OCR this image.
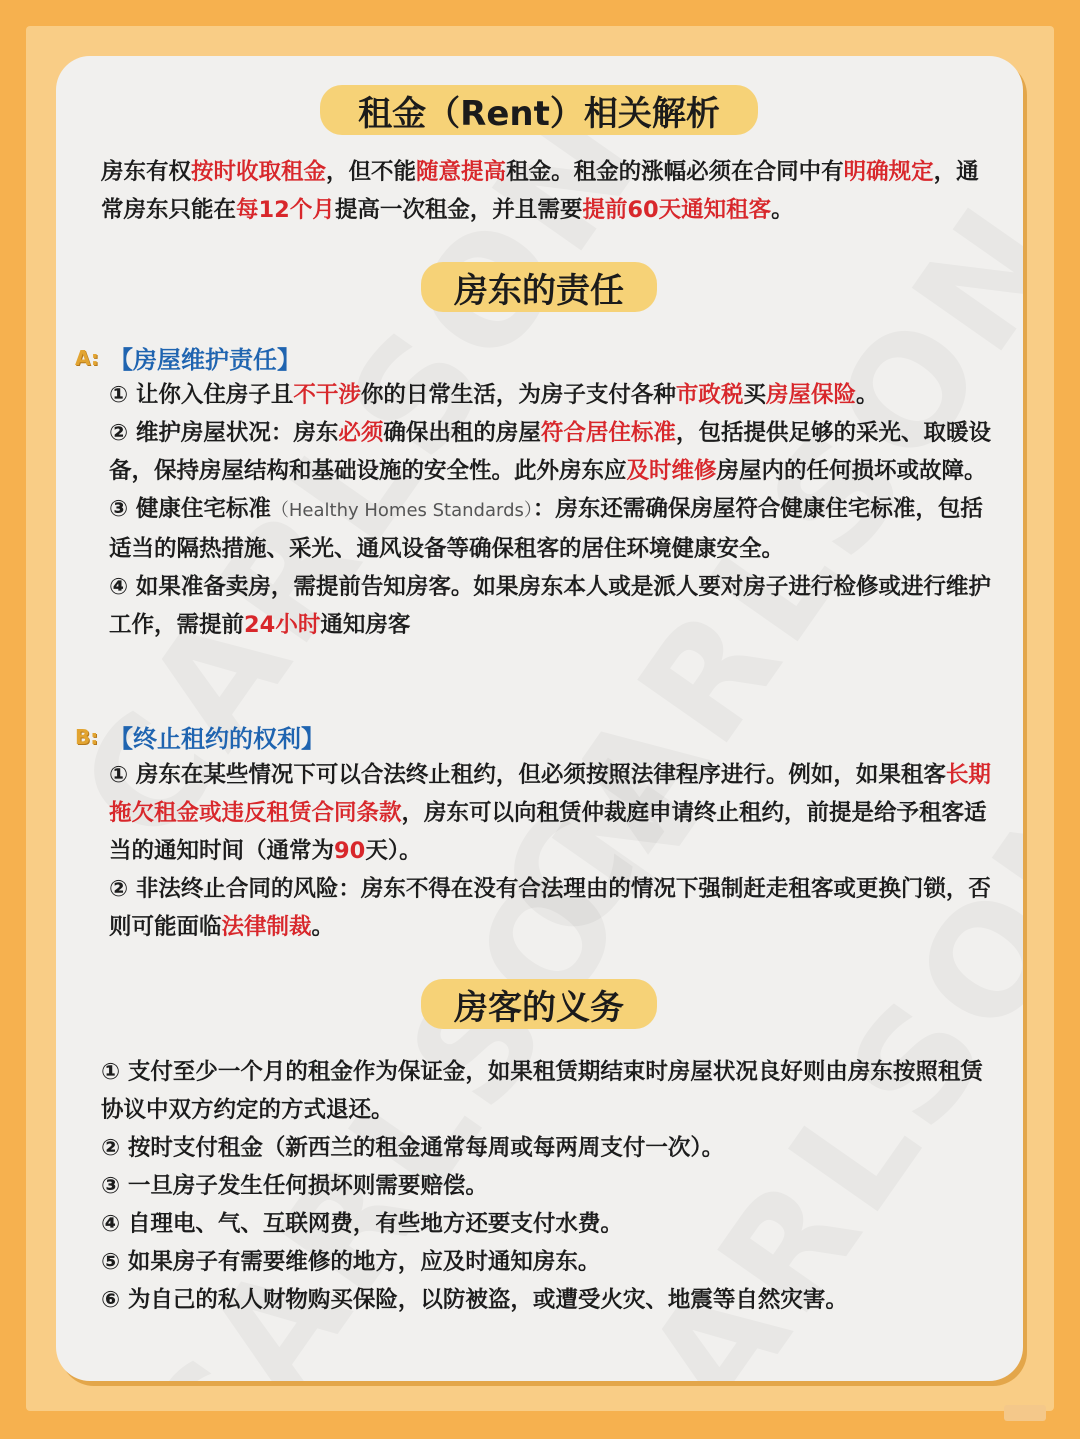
租金（Rent）相关解析

房东有权按时收取租金，但不能随意提高租金。租金的涨幅必须在合同中有明确规定，通常房东只能在每12个月提高一次租金，并且需要提前60天通知租客。

房东的责任
A: 【房屋维护责任】

① 让你入住房子且不干涉你的日常生活，为房子支付各种市政税买房屋保险。
② 维护房屋状况：房东必须确保出租的房屋符合居住标准，包括提供足够的采光、取暖设备，保持房屋结构和基础设施的安全性。此外房东应及时维修房屋内的任何损坏或故障。
③ 健康住宅标准（Healthy Homes Standards）：房东还需确保房屋符合健康住宅标准，包括适当的隔热措施、采光、通风设备等确保租客的居住环境健康安全。
④ 如果准备卖房，需提前告知房客。如果房东本人或是派人要对房子进行检修或进行维护工作，需提前24小时通知房客

B: 【终止租约的权利】

① 房东在某些情况下可以合法终止租约，但必须按照法律程序进行。例如，如果租客长期拖欠租金或违反租赁合同条款，房东可以向租赁仲裁庭申请终止租约，前提是给予租客适当的通知时间（通常为90天）。
② 非法终止合同的风险：房东不得在没有合法理由的情况下强制赶走租客或更换门锁，否则可能面临法律制裁。

房客的义务

① 支付至少一个月的租金作为保证金，如果租赁期结束时房屋状况良好则由房东按照租赁协议中双方约定的方式退还。
② 按时支付租金（新西兰的租金通常每周或每两周支付一次）。
③ 一旦房子发生任何损坏则需要赔偿。
④ 自理电、气、互联网费，有些地方还要支付水费。
⑤ 如果房子有需要维修的地方，应及时通知房东。
⑥ 为自己的私人财物购买保险，以防被盗，或遭受火灾、地震等自然灾害。
